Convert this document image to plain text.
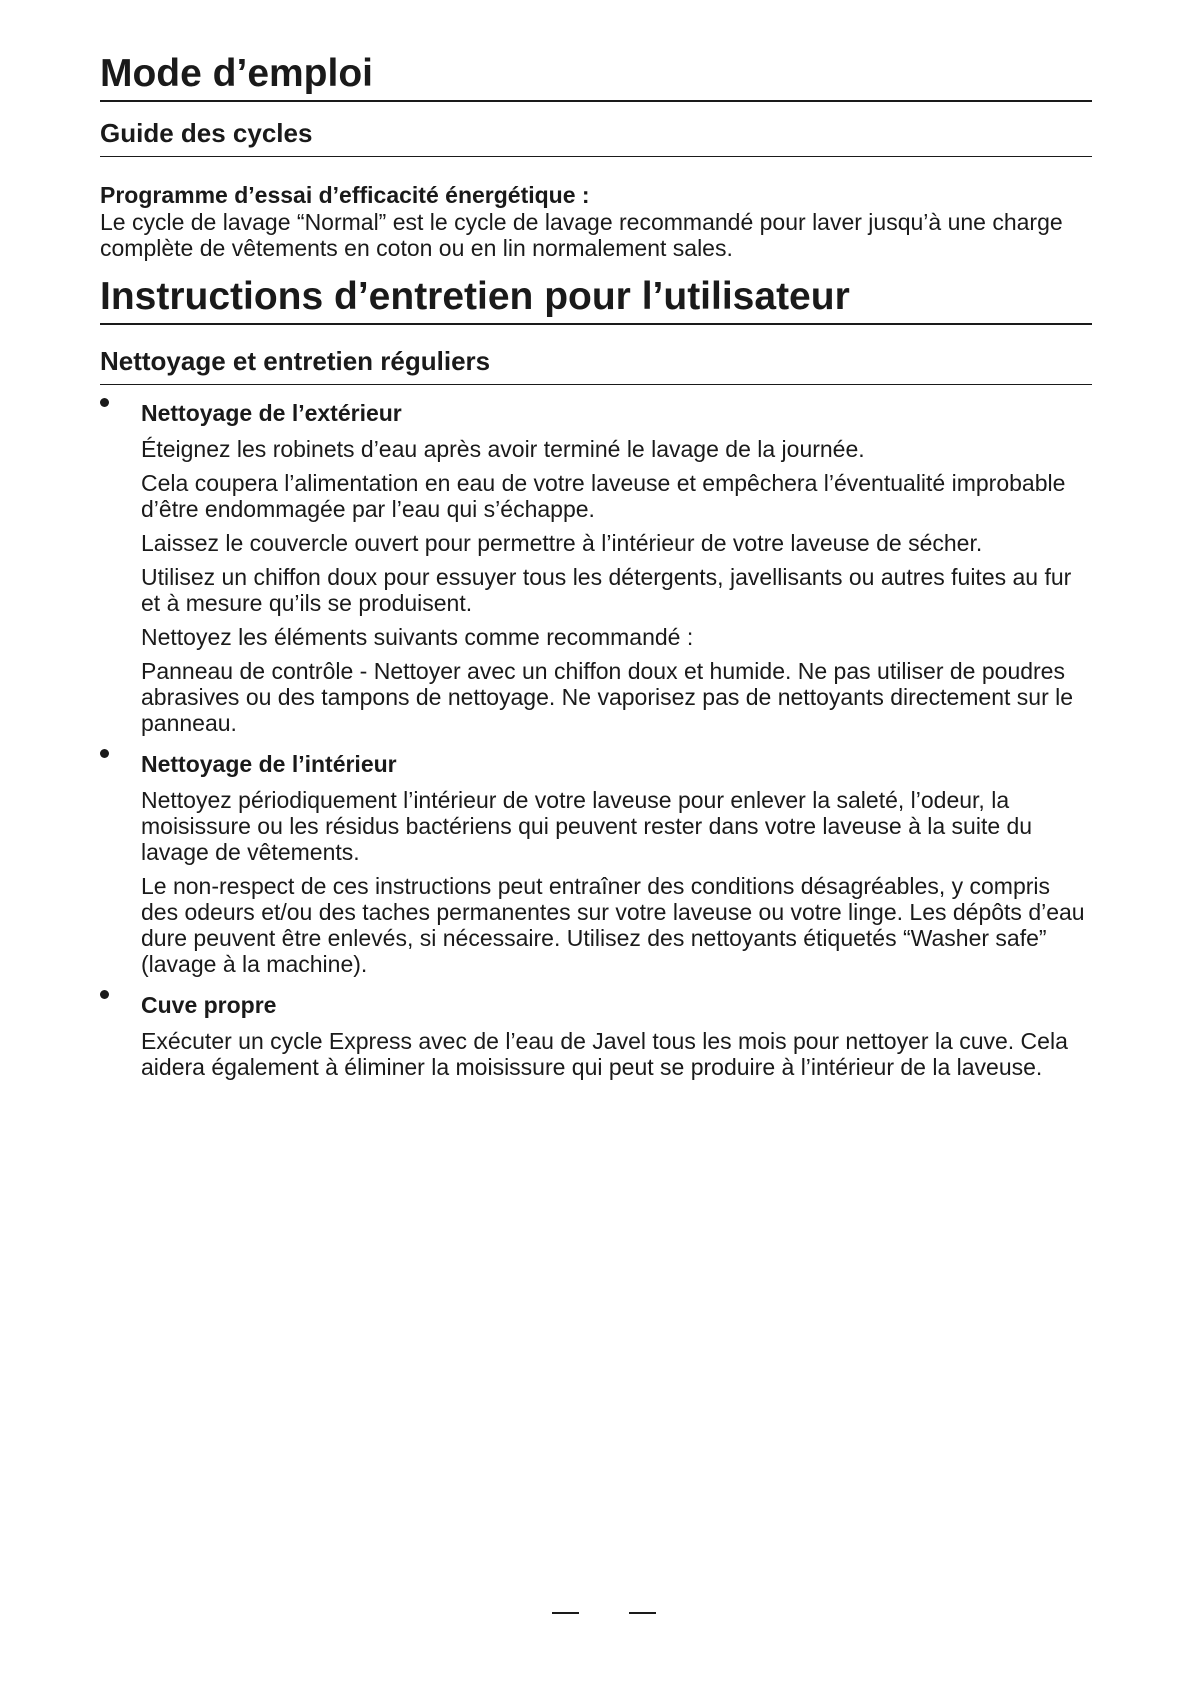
Mode d’emploi
Guide des cycles
Programme d’essai d’efficacité énergétique :

Le cycle de lavage “Normal” est le cycle de lavage recommandé pour laver jusqu’à une charge complète de vêtements en coton ou en lin normalement sales.

Instructions d’entretien pour l’utilisateur
Nettoyage et entretien réguliers
Nettoyage de l’extérieur

Éteignez les robinets d’eau après avoir terminé le lavage de la journée.

Cela coupera l’alimentation en eau de votre laveuse et empêchera l’éventualité improbable d’être endommagée par l’eau qui s’échappe.

Laissez le couvercle ouvert pour permettre à l’intérieur de votre laveuse de sécher.

Utilisez un chiffon doux pour essuyer tous les détergents, javellisants ou autres fuites au fur et à mesure qu’ils se produisent.

Nettoyez les éléments suivants comme recommandé :

Panneau de contrôle - Nettoyer avec un chiffon doux et humide. Ne pas utiliser de poudres abrasives ou des tampons de nettoyage. Ne vaporisez pas de nettoyants directement sur le panneau.

Nettoyage de l’intérieur

Nettoyez périodiquement l’intérieur de votre laveuse pour enlever la saleté, l’odeur, la moisissure ou les résidus bactériens qui peuvent rester dans votre laveuse à la suite du lavage de vêtements.

Le non-respect de ces instructions peut entraîner des conditions désagréables, y compris des odeurs et/ou des taches permanentes sur votre laveuse ou votre linge. Les dépôts d’eau dure peuvent être enlevés, si nécessaire. Utilisez des nettoyants étiquetés “Washer safe” (lavage à la machine).

Cuve propre

Exécuter un cycle Express avec de l’eau de Javel tous les mois pour nettoyer la cuve. Cela aidera également à éliminer la moisissure qui peut se produire à l’intérieur de la laveuse.
